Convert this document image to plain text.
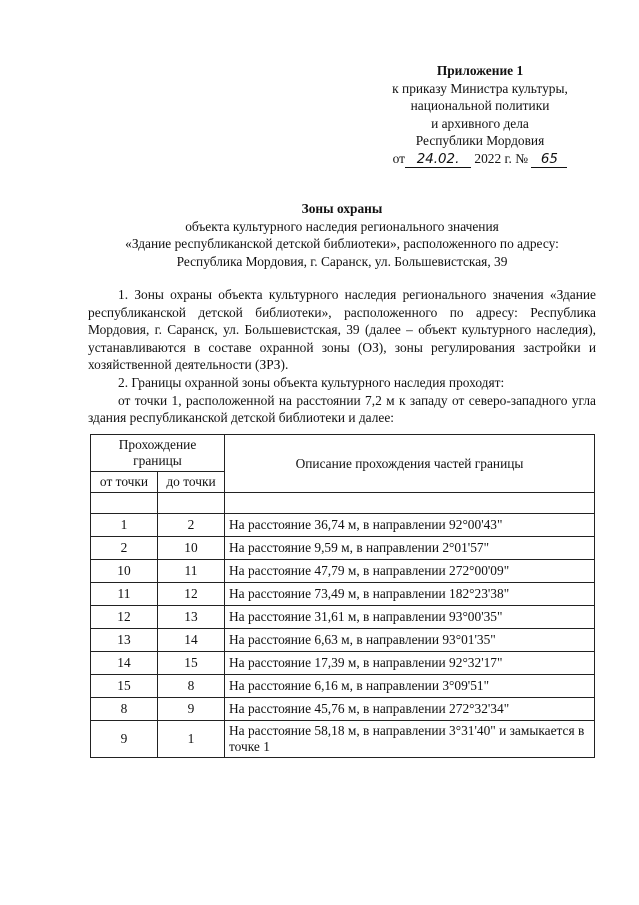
Приложение 1
к приказу Министра культуры,
национальной политики
и архивного дела
Республики Мордовия
от 24.02. 2022 г. № 65
Зоны охраны
объекта культурного наследия регионального значения
«Здание республиканской детской библиотеки», расположенного по адресу:
Республика Мордовия, г. Саранск, ул. Большевистская, 39

1. Зоны охраны объекта культурного наследия регионального значения «Здание республиканской детской библиотеки», расположенного по адресу: Республика Мордовия, г. Саранск, ул. Большевистская, 39 (далее – объект культурного наследия), устанавливаются в составе охранной зоны (ОЗ), зоны регулирования застройки и хозяйственной деятельности (ЗРЗ).

2. Границы охранной зоны объекта культурного наследия проходят:

от точки 1, расположенной на расстоянии 7,2 м к западу от северо-западного угла здания республиканской детской библиотеки и далее:

Прохождение границы		Описание прохождения частей границы
от точки	до точки	

1	2	На расстояние 36,74 м, в направлении 92°00'43"
2	10	На расстояние 9,59 м, в направлении 2°01'57"
10	11	На расстояние 47,79 м, в направлении 272°00'09"
11	12	На расстояние 73,49 м, в направлении 182°23'38"
12	13	На расстояние 31,61 м, в направлении 93°00'35"
13	14	На расстояние 6,63 м, в направлении 93°01'35"
14	15	На расстояние 17,39 м, в направлении 92°32'17"
15	8	На расстояние 6,16 м, в направлении 3°09'51"
8	9	На расстояние 45,76 м, в направлении 272°32'34"
9	1	На расстояние 58,18 м, в направлении 3°31'40" и замыкается в точке 1
